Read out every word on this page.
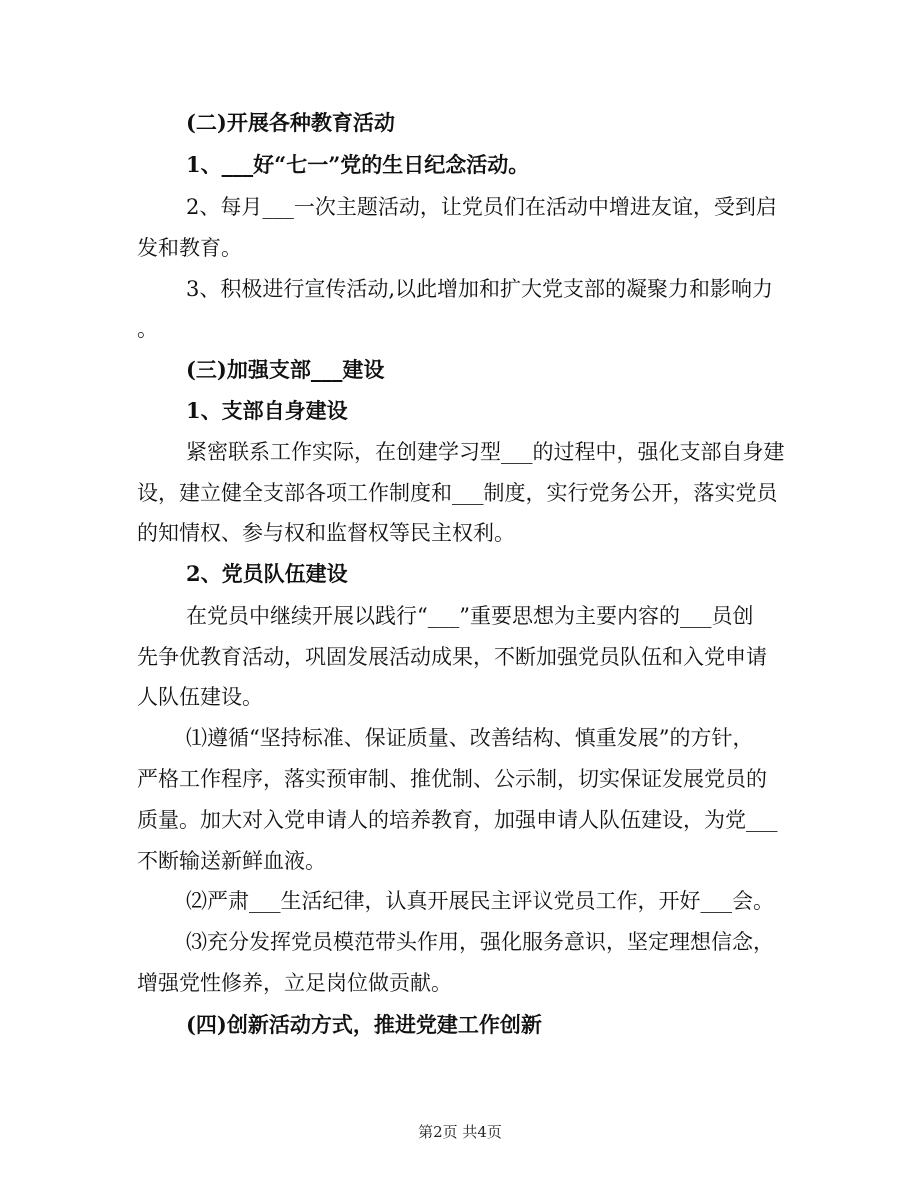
(二)开展各种教育活动

1、___好“七一”党的生日纪念活动。

2、每月___一次主题活动，让党员们在活动中增进友谊，受到启

发和教育。

3、积极进行宣传活动,以此增加和扩大党支部的凝聚力和影响力

。

(三)加强支部___建设

1、支部自身建设

紧密联系工作实际，在创建学习型___的过程中，强化支部自身建

设，建立健全支部各项工作制度和___制度，实行党务公开，落实党员

的知情权、参与权和监督权等民主权利。

2、党员队伍建设

在党员中继续开展以践行“___”重要思想为主要内容的___员创

先争优教育活动，巩固发展活动成果，不断加强党员队伍和入党申请

人队伍建设。

⑴遵循“坚持标准、保证质量、改善结构、慎重发展”的方针，

严格工作程序，落实预审制、推优制、公示制，切实保证发展党员的

质量。加大对入党申请人的培养教育，加强申请人队伍建设，为党___

不断输送新鲜血液。

⑵严肃___生活纪律，认真开展民主评议党员工作，开好___会。

⑶充分发挥党员模范带头作用，强化服务意识，坚定理想信念，

增强党性修养，立足岗位做贡献。

(四)创新活动方式，推进党建工作创新

第2页 共4页
